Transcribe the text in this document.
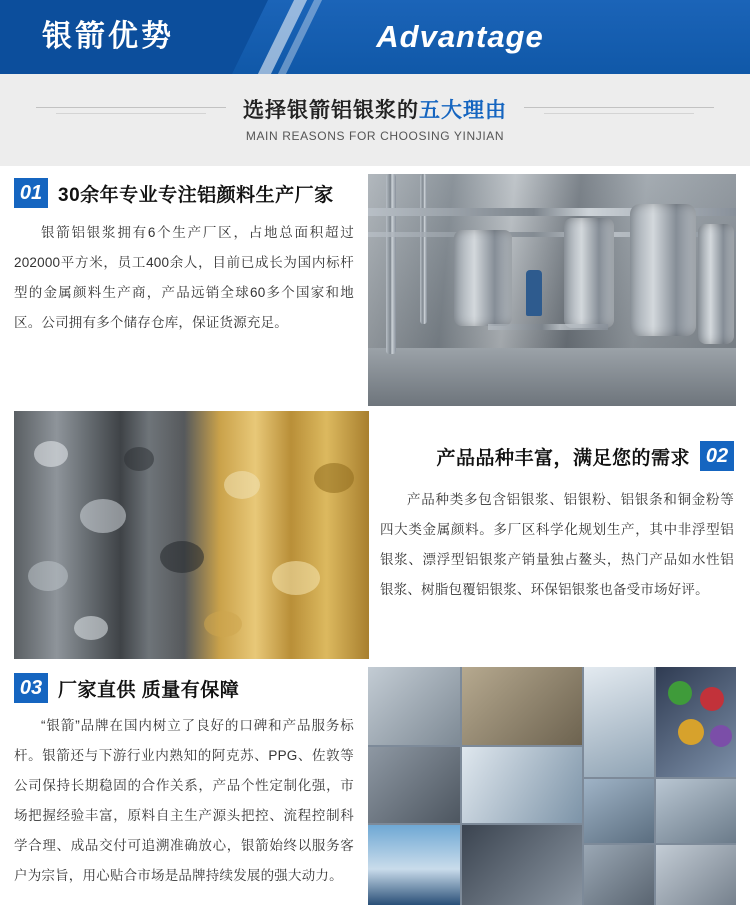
银箭优势	Advantage
选择银箭铝银浆的五大理由
MAIN REASONS FOR CHOOSING YINJIAN
01 30余年专业专注铝颜料生产厂家
银箭铝银浆拥有6个生产厂区，占地总面积超过202000平方米，员工400余人，目前已成长为国内标杆型的金属颜料生产商，产品远销全球60多个国家和地区。公司拥有多个储存仓库，保证货源充足。
产品品种丰富，满足您的需求 02
产品种类多包含铝银浆、铝银粉、铝银条和铜金粉等四大类金属颜料。多厂区科学化规划生产，其中非浮型铝银浆、漂浮型铝银浆产销量独占鳌头，热门产品如水性铝银浆、树脂包覆铝银浆、环保铝银浆也备受市场好评。
03 厂家直供 质量有保障
“银箭”品牌在国内树立了良好的口碑和产品服务标杆。银箭还与下游行业内熟知的阿克苏、PPG、佐敦等公司保持长期稳固的合作关系，产品个性定制化强，市场把握经验丰富，原料自主生产源头把控、流程控制科学合理、成品交付可追溯准确放心，银箭始终以服务客户为宗旨，用心贴合市场是品牌持续发展的强大动力。
